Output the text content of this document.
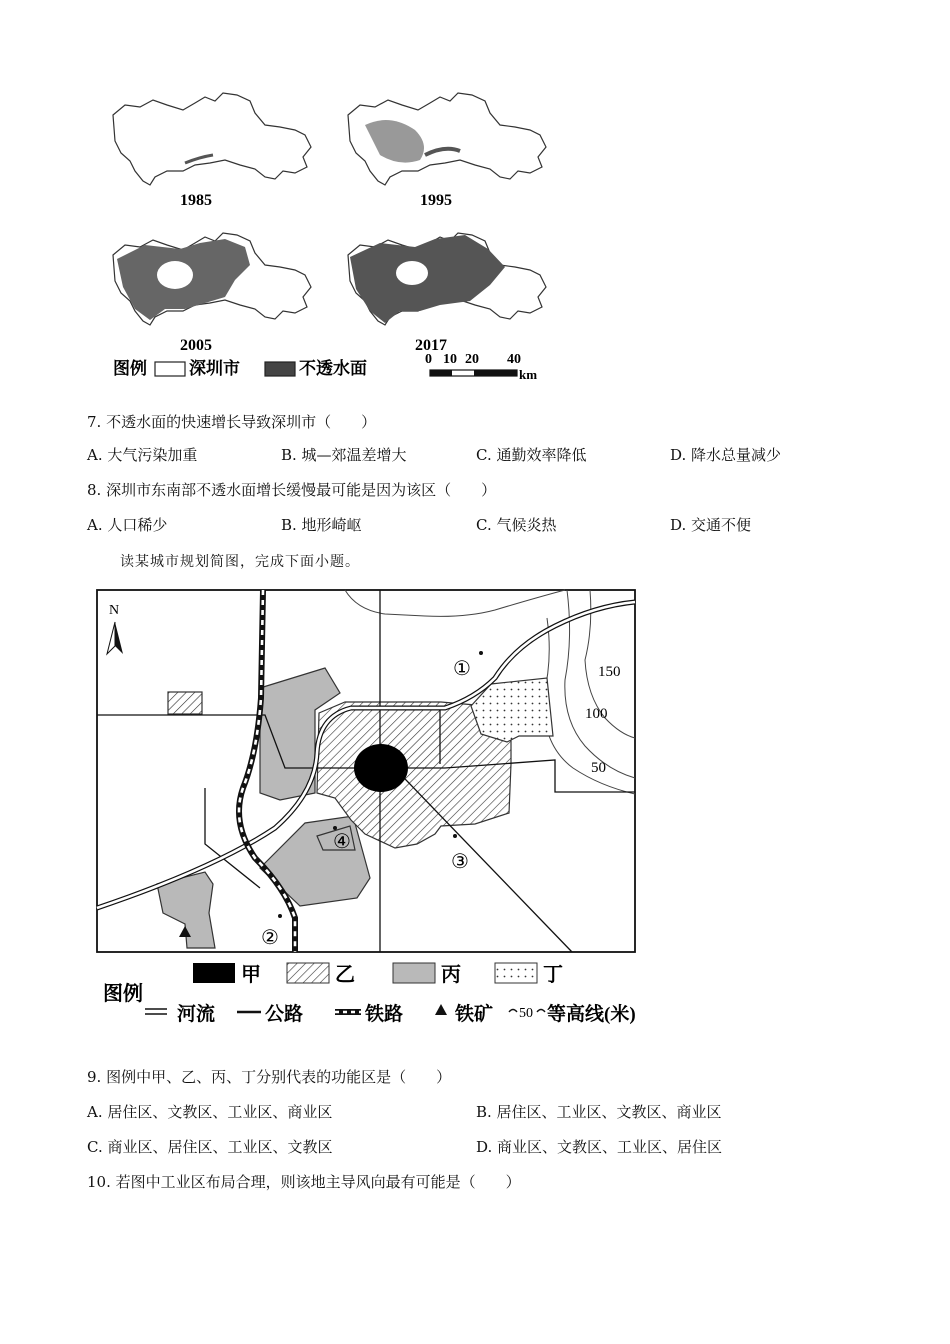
1985	1995
2005	2017
图例 深圳市	不透水面	0 10 20 40
km
7. 不透水面的快速增长导致深圳市（　　）
A. 大气污染加重	B. 城—郊温差增大	C. 通勤效率降低	D. 降水总量减少
8. 深圳市东南部不透水面增长缓慢最可能是因为该区（　　）
A. 人口稀少	B. 地形崎岖	C. 气候炎热	D. 交通不便
读某城市规划简图，完成下面小题。
150
100
50
N
①
②
③
④
图例
甲	乙	丙	丁
河流	公路	铁路	铁矿 50 等高线(米)
9. 图例中甲、乙、丙、丁分别代表的功能区是（　　）
A. 居住区、文教区、工业区、商业区	B. 居住区、工业区、文教区、商业区
C. 商业区、居住区、工业区、文教区	D. 商业区、文教区、工业区、居住区
10. 若图中工业区布局合理，则该地主导风向最有可能是（　　）
